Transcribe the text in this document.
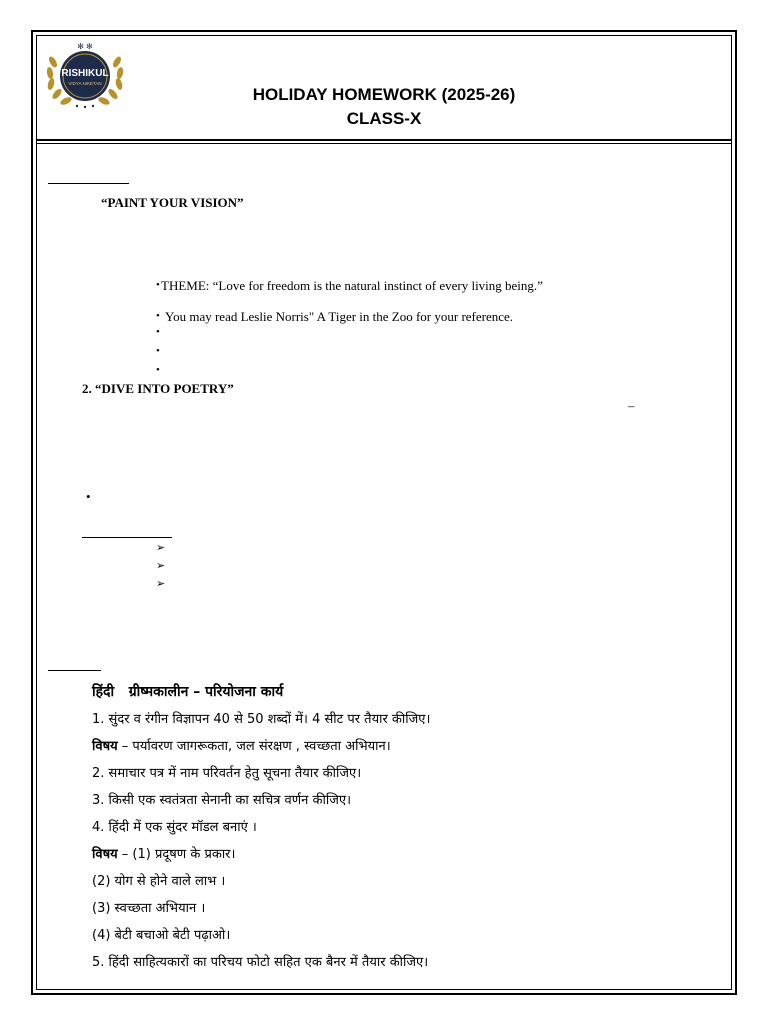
RISHIKUL
VIDYA NIKETAN
✻ ✻
HOLIDAY HOMEWORK (2025-26)
CLASS-X
“PAINT YOUR VISION”
• THEME: “Love for freedom is the natural instinct of every living being.”
• You may read Leslie Norris" A Tiger in the Zoo for your reference.
•
•
•
2. “DIVE INTO POETRY”
–
•
➢
➢
➢
हिंदी ग्रीष्मकालीन – परियोजना कार्य
1. सुंदर व रंगीन विज्ञापन 40 से 50 शब्दों में। 4 सीट पर तैयार कीजिए।
विषय – पर्यावरण जागरूकता, जल संरक्षण , स्वच्छता अभियान।
2. समाचार पत्र में नाम परिवर्तन हेतु सूचना तैयार कीजिए।
3. किसी एक स्वतंत्रता सेनानी का सचित्र वर्णन कीजिए।
4. हिंदी में एक सुंदर मॉडल बनाएं ।
विषय – (1) प्रदूषण के प्रकार।
(2) योग से होने वाले लाभ ।
(3) स्वच्छता अभियान ।
(4) बेटी बचाओ बेटी पढ़ाओ।
5. हिंदी साहित्यकारों का परिचय फोटो सहित एक बैनर में तैयार कीजिए।
